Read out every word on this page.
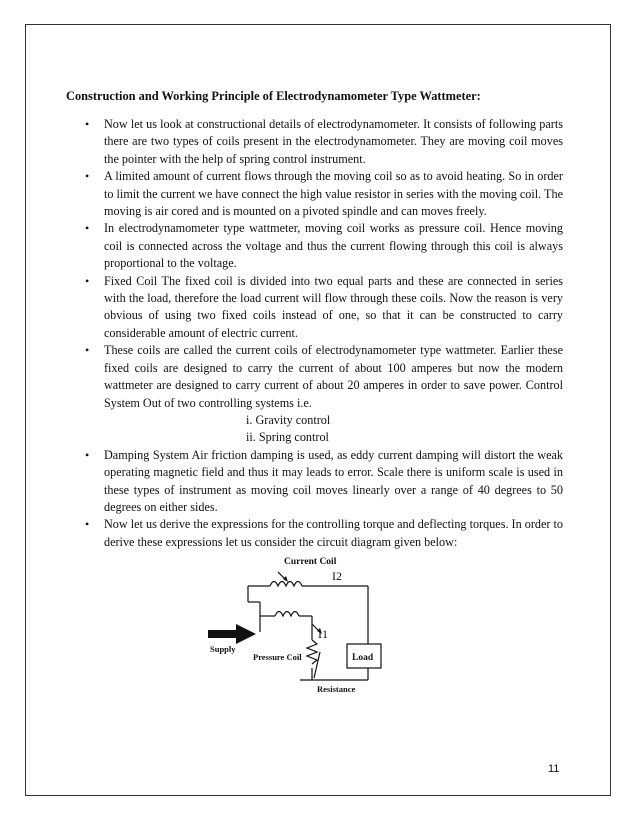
Construction and Working Principle of Electrodynamometer Type Wattmeter:
• Now let us look at constructional details of electrodynamometer. It consists of following parts there are two types of coils present in the electrodynamometer. They are moving coil moves the pointer with the help of spring control instrument.
• A limited amount of current flows through the moving coil so as to avoid heating. So in order to limit the current we have connect the high value resistor in series with the moving coil. The moving is air cored and is mounted on a pivoted spindle and can moves freely.
• In electrodynamometer type wattmeter, moving coil works as pressure coil. Hence moving coil is connected across the voltage and thus the current flowing through this coil is always proportional to the voltage.
• Fixed Coil The fixed coil is divided into two equal parts and these are connected in series with the load, therefore the load current will flow through these coils. Now the reason is very obvious of using two fixed coils instead of one, so that it can be constructed to carry considerable amount of electric current.
• These coils are called the current coils of electrodynamometer type wattmeter. Earlier these fixed coils are designed to carry the current of about 100 amperes but now the modern wattmeter are designed to carry current of about 20 amperes in order to save power. Control System Out of two controlling systems i.e.
i. Gravity control
ii. Spring control
• Damping System Air friction damping is used, as eddy current damping will distort the weak operating magnetic field and thus it may leads to error. Scale there is uniform scale is used in these types of instrument as moving coil moves linearly over a range of 40 degrees to 50 degrees on either sides.
• Now let us derive the expressions for the controlling torque and deflecting torques. In order to derive these expressions let us consider the circuit diagram given below:
Current Coil
I2
I1
Pressure Coil
Supply
Load
Resistance
11
